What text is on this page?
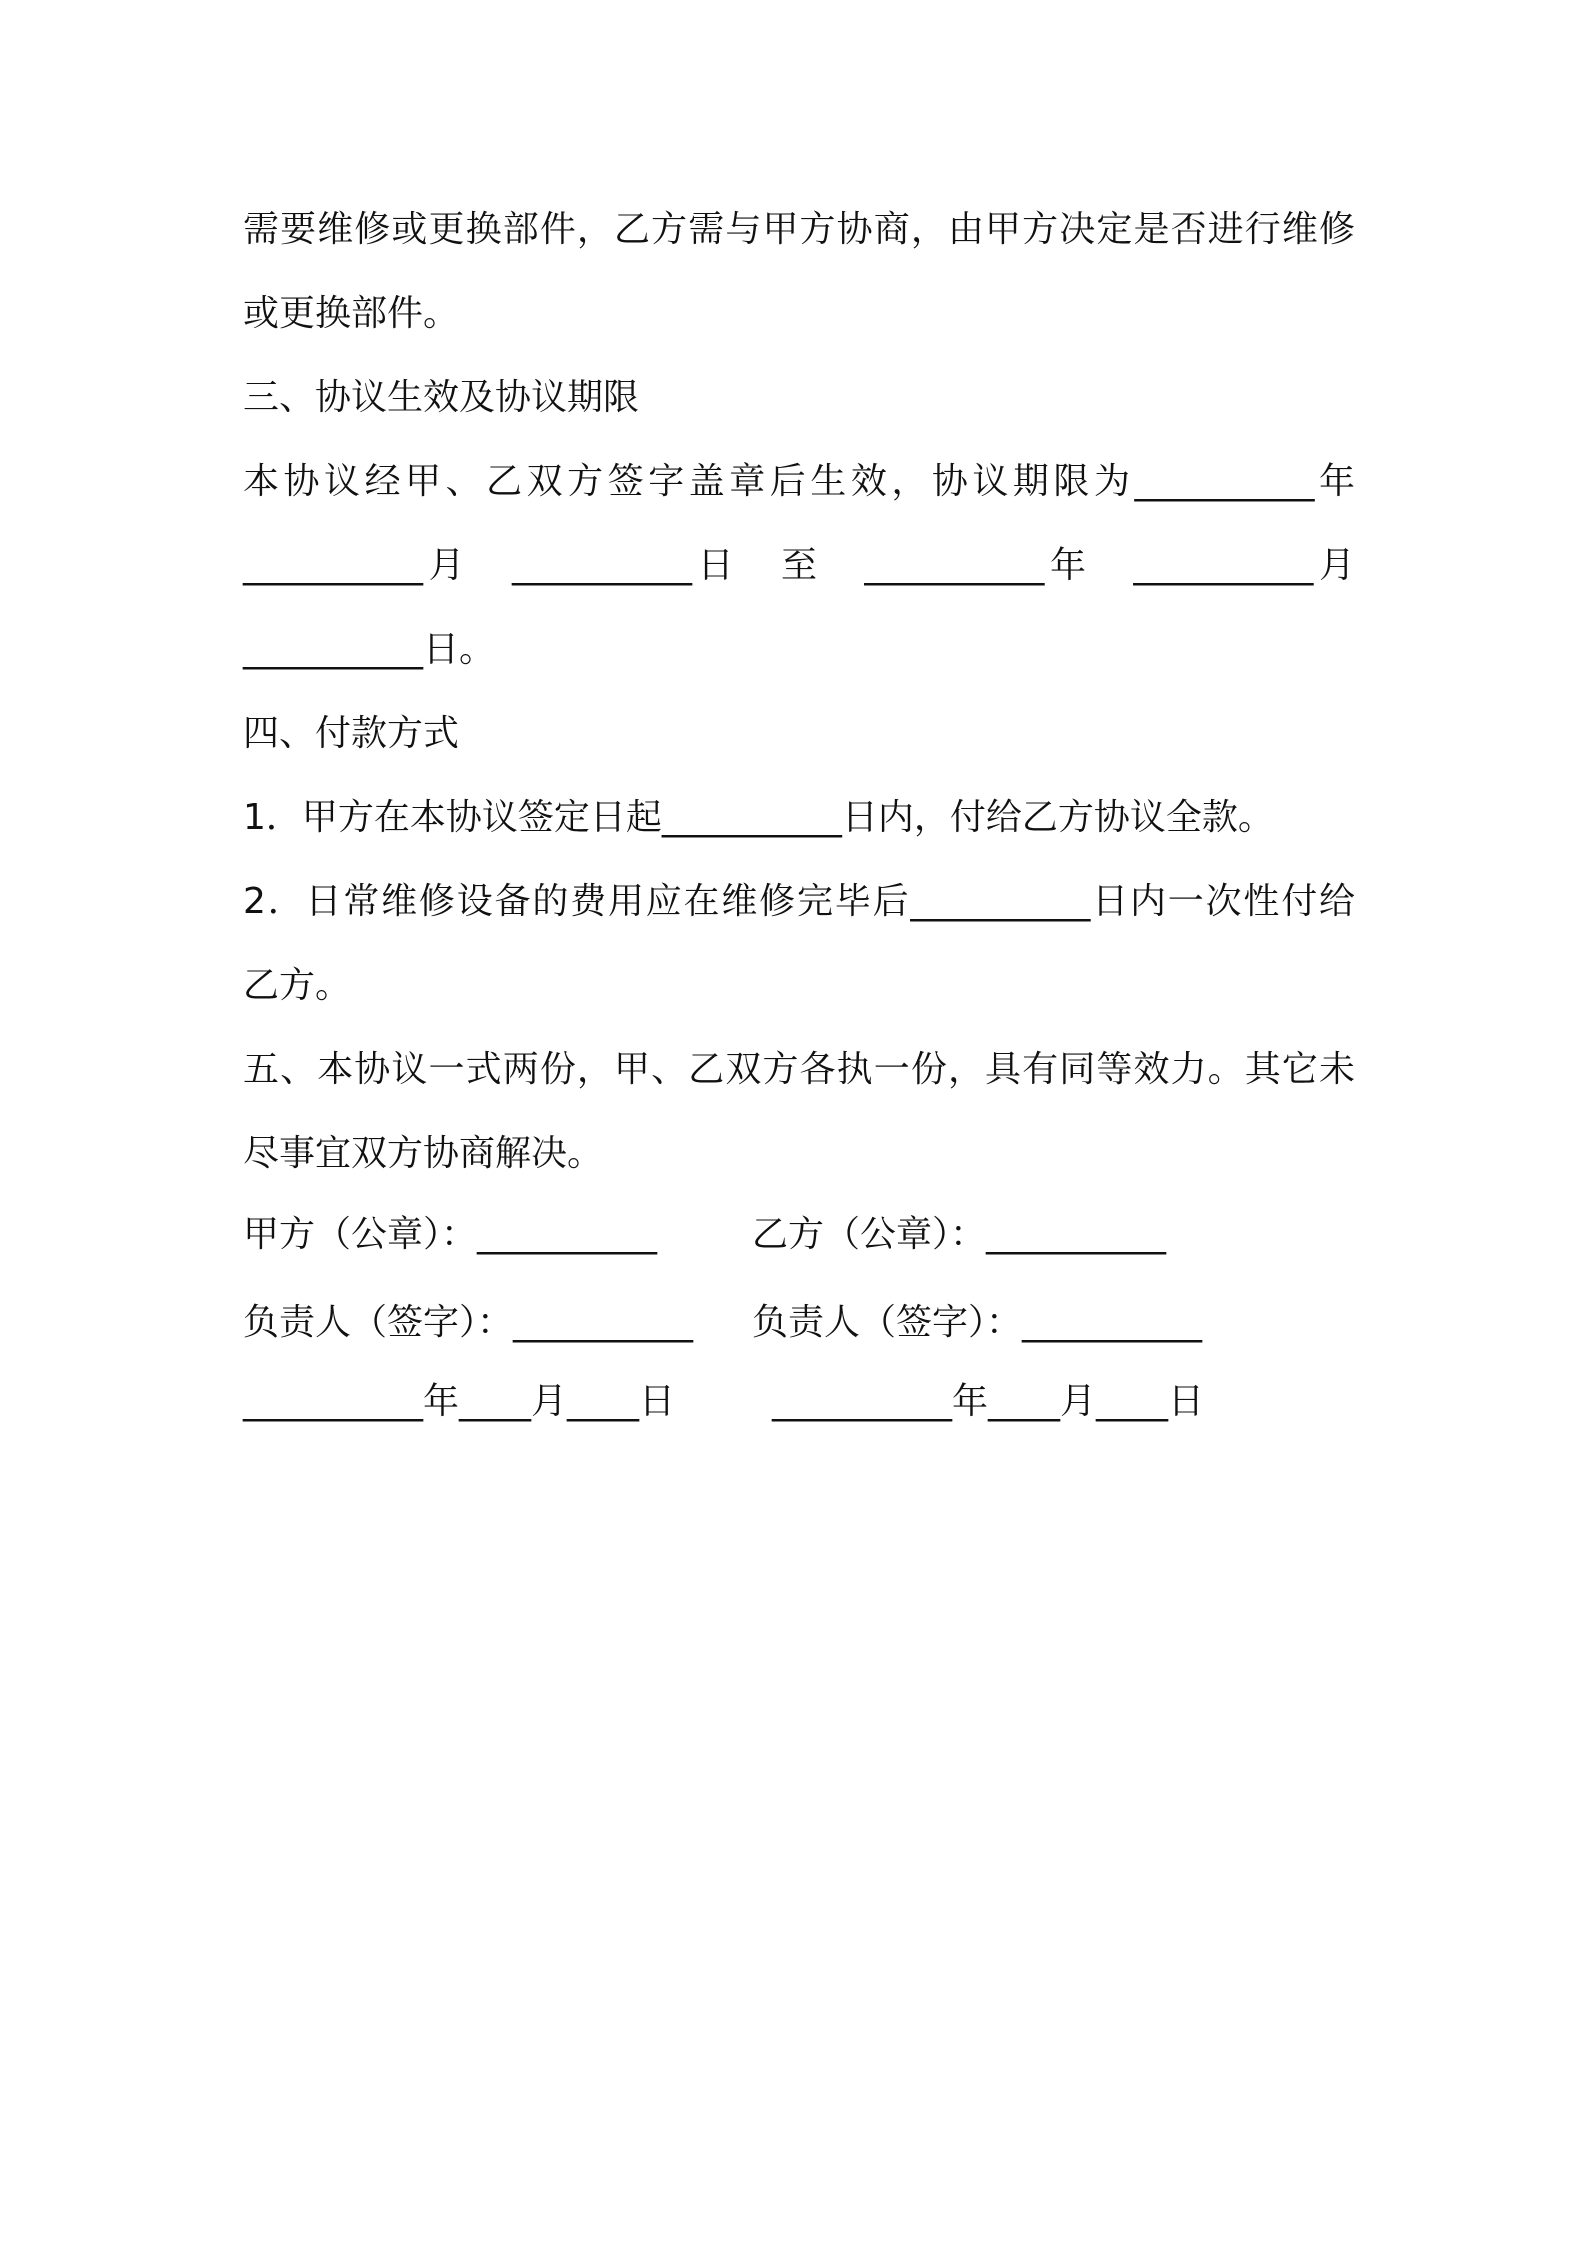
需要维修或更换部件，乙方需与甲方协商，由甲方决定是否进行维修

或更换部件。

三、协议生效及协议期限

本协议经甲、乙双方签字盖章后生效，协议期限为__________年

__________月　__________日　至　__________年　__________月

__________日。

四、付款方式

1．甲方在本协议签定日起__________日内，付给乙方协议全款。

2．日常维修设备的费用应在维修完毕后__________日内一次性付给

乙方。

五、本协议一式两份，甲、乙双方各执一份，具有同等效力。其它未

尽事宜双方协商解决。

甲方（公章）：__________	乙方（公章）：__________
负责人（签字）：__________ 负责人（签字）：__________
__________年____月____日	__________年____月____日
